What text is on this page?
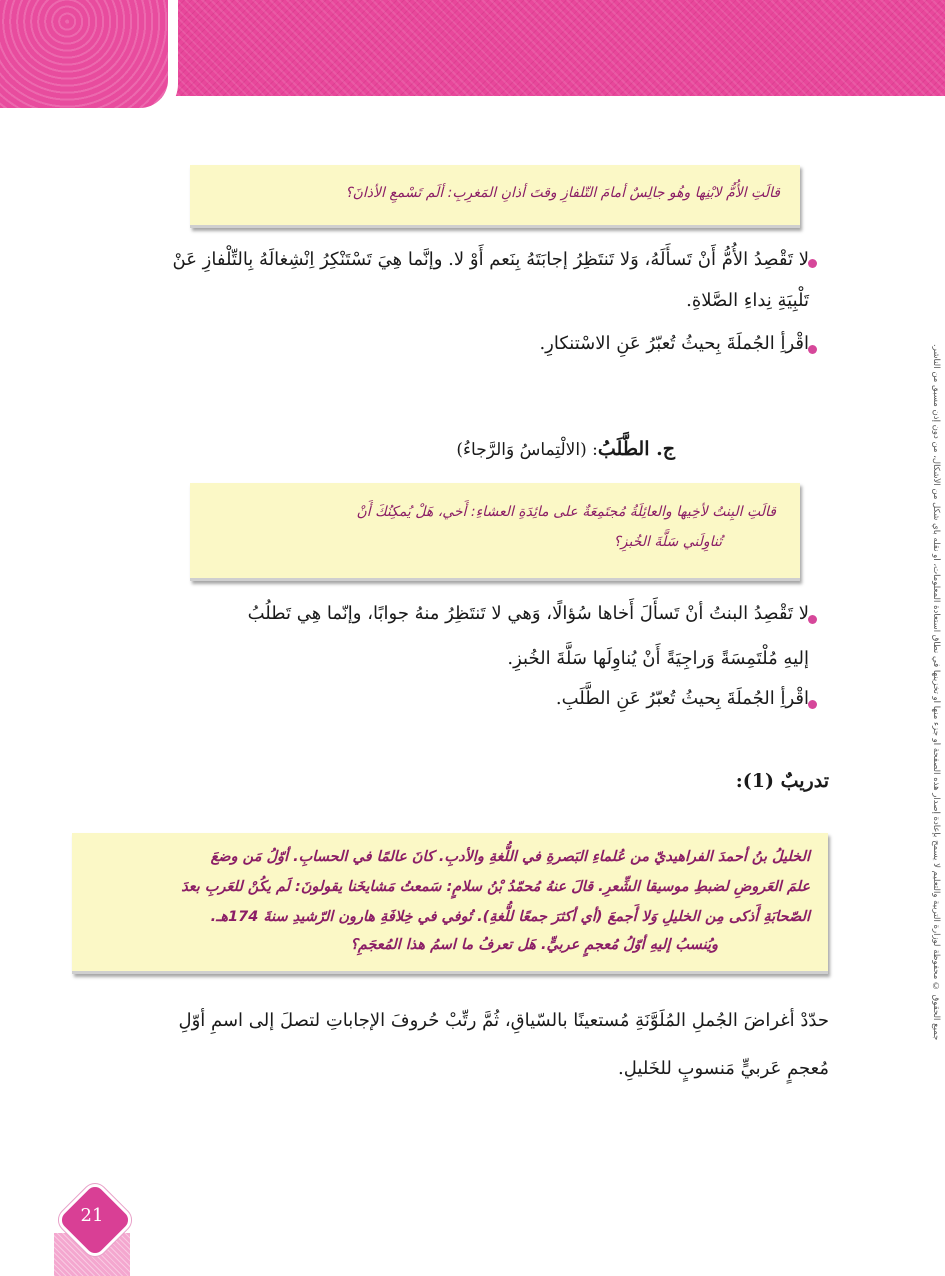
جميع الحقوق © محفوظة لوزارة التربية والتعليم لا يسمح بإعادة إصدار هذه الصفحة أو جزء منها أو تخزينها في نطاق استعادة المعلومات، أو نقله بأي شكل من الأشكال، من دون إذن مسبق من الناشر.

قالَتِ الأُمُّ لابْنِها وهُو جالِسٌ أمامَ التّلفازِ وقتَ أذانِ المَغرِبِ: ألَم تَسْمعِ الأذانَ؟

لا تَقْصِدُ الأُمُّ أَنْ تَسأَلَهُ، وَلا تَنتَظِرُ إجابَتَهُ بِنَعم أَوْ لا. وإنَّما هِيَ تَسْتَنْكِرُ اِنْشِغالَهُ بِالتِّلْفازِ عَنْ
تَلْبِيَةِ نِداءِ الصَّلاةِ.
اقْرأِ الجُملَةَ بِحيثُ تُعبّرُ عَنِ الاسْتنكارِ.
ج. الطَّلَبُ: (الالْتِماسُ وَالرَّجاءُ)

قالَتِ البِنتُ لأخِيها والعائِلَةُ مُجتَمِعَةٌ على مائِدَةِ العشاءِ: أَخي، هَلْ يُمكِنُكَ أَنْ

تُناوِلَني سَلَّةَ الخُبزِ؟

لا تَقْصِدُ البنتُ أنْ تَسأَلَ أَخاها سُؤالًا، وَهي لا تَنتَظِرُ منهُ جوابًا، وإنّما هِي تَطلُبُ
إليهِ مُلْتَمِسَةً وَراجِيَةً أَنْ يُناوِلَها سَلَّةَ الخُبزِ.
اقْرأِ الجُملَةَ بِحيثُ تُعبّرُ عَنِ الطَّلَبِ.
تدريبٌ (1):
الخليلُ بنُ أحمدَ الفراهيديّ من عُلماءِ البَصرةِ في اللُّغةِ والأدبِ. كانَ عالمًا في الحسابِ. أوّلُ مَن وضعَ
علمَ العَروضِ لضبطِ موسيقا الشِّعرِ. قالَ عنهُ مُحمّدُ بْنُ سلامٍ: سَمعتُ مَشايخَنا يقولونَ: لَم يكُنْ للعَربِ بعدَ
الصّحابَةِ أَذكى مِن الخليلِ وَلا أَجمعَ (أي أكثرَ جمعًا للُّغةِ). تُوفي في خِلافَةِ هارون الرّشيدِ سنةَ 174هـ.
ويُنسبُ إليهِ أوّلُ مُعجمٍ عربيٍّ. هَل تعرفُ ما اسمُ هذا المُعجَمِ؟
حدّدْ أغراضَ الجُملِ المُلَوَّنَةِ مُستعينًا بالسّياقِ، ثُمَّ رتِّبْ حُروفَ الإجاباتِ لتصلَ إلى اسمِ أوّلِ
مُعجمٍ عَربيٍّ مَنسوبٍ للخَليلِ.
21
